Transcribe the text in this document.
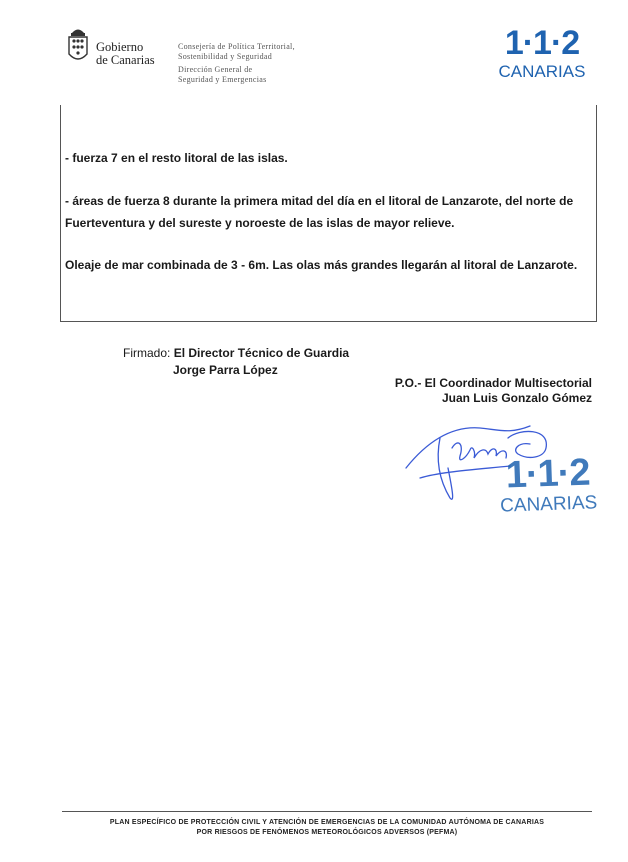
Gobierno
de Canarias
Consejería de Política Territorial,
Sostenibilidad y Seguridad
Dirección General de
Seguridad y Emergencias
1·1·2
CANARIAS
- fuerza 7 en el resto litoral de las islas.
- áreas de fuerza 8 durante la primera mitad del día en el litoral de Lanzarote, del norte de Fuerteventura y del sureste y noroeste de las islas de mayor relieve.
Oleaje de mar combinada de 3 - 6m. Las olas más grandes llegarán al litoral de Lanzarote.
Firmado: El Director Técnico de Guardia
Jorge Parra López
P.O.- El Coordinador Multisectorial
Juan Luis Gonzalo Gómez
1·1·2
CANARIAS
PLAN ESPECÍFICO DE PROTECCIÓN CIVIL Y ATENCIÓN DE EMERGENCIAS DE LA COMUNIDAD AUTÓNOMA DE CANARIAS
POR RIESGOS DE FENÓMENOS METEOROLÓGICOS ADVERSOS (PEFMA)
